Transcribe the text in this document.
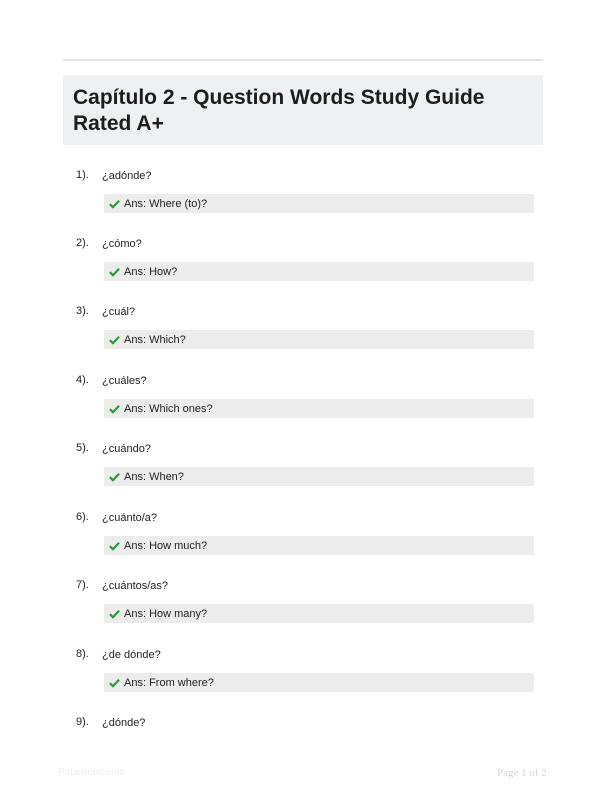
Capítulo 2 - Question Words Study Guide Rated A+
1). ¿adónde?
Ans: Where (to)?
2). ¿cómo?
Ans: How?
3). ¿cuál?
Ans: Which?
4). ¿cuáles?
Ans: Which ones?
5). ¿cuándo?
Ans: When?
6). ¿cuánto/a?
Ans: How much?
7). ¿cuántos/as?
Ans: How many?
8). ¿de dónde?
Ans: From where?
9). ¿dónde?
Papertebc.com	Page 1 of 2
